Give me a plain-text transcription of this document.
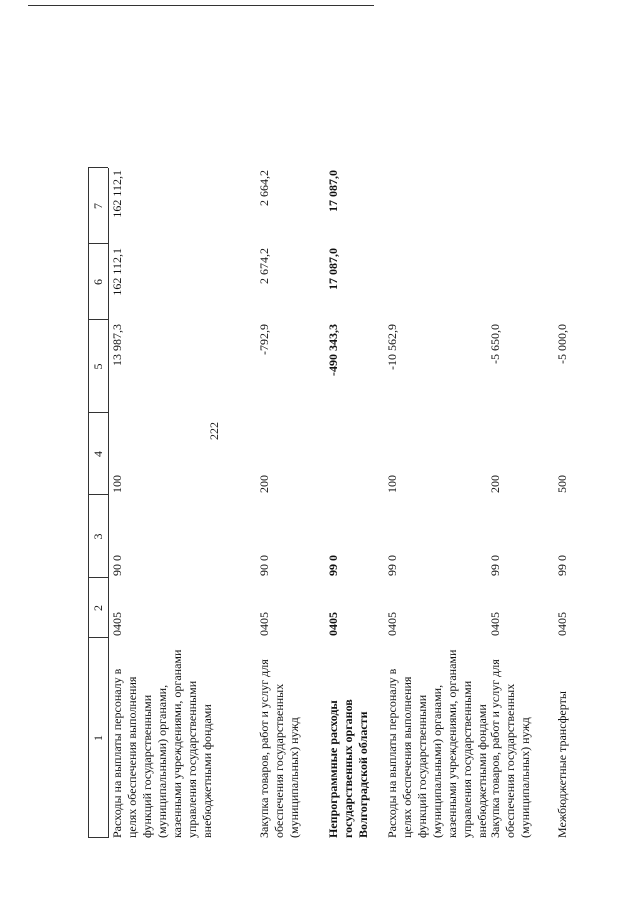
222
1
2
3
4
5
6
7
Расходы на выплаты персоналу в целях обеспечения выполнения функций государственными (муниципальными) органами, казенными учреждениями, органами управления государственными внебюджетными фондами
0405
90 0
100
13 987,3
162 112,1
162 112,1
Закупка товаров, работ и услуг для обеспечения государственных (муниципальных) нужд
0405
90 0
200
-792,9
2 674,2
2 664,2
Непрограммные расходы государственных органов Волгоградской области
0405
99 0
-490 343,3
17 087,0
17 087,0
Расходы на выплаты персоналу в целях обеспечения выполнения функций государственными (муниципальными) органами, казенными учреждениями, органами управления государственными внебюджетными фондами
0405
99 0
100
-10 562,9
Закупка товаров, работ и услуг для обеспечения государственных (муниципальных) нужд
0405
99 0
200
-5 650,0
Межбюджетные трансферты
0405
99 0
500
-5 000,0
